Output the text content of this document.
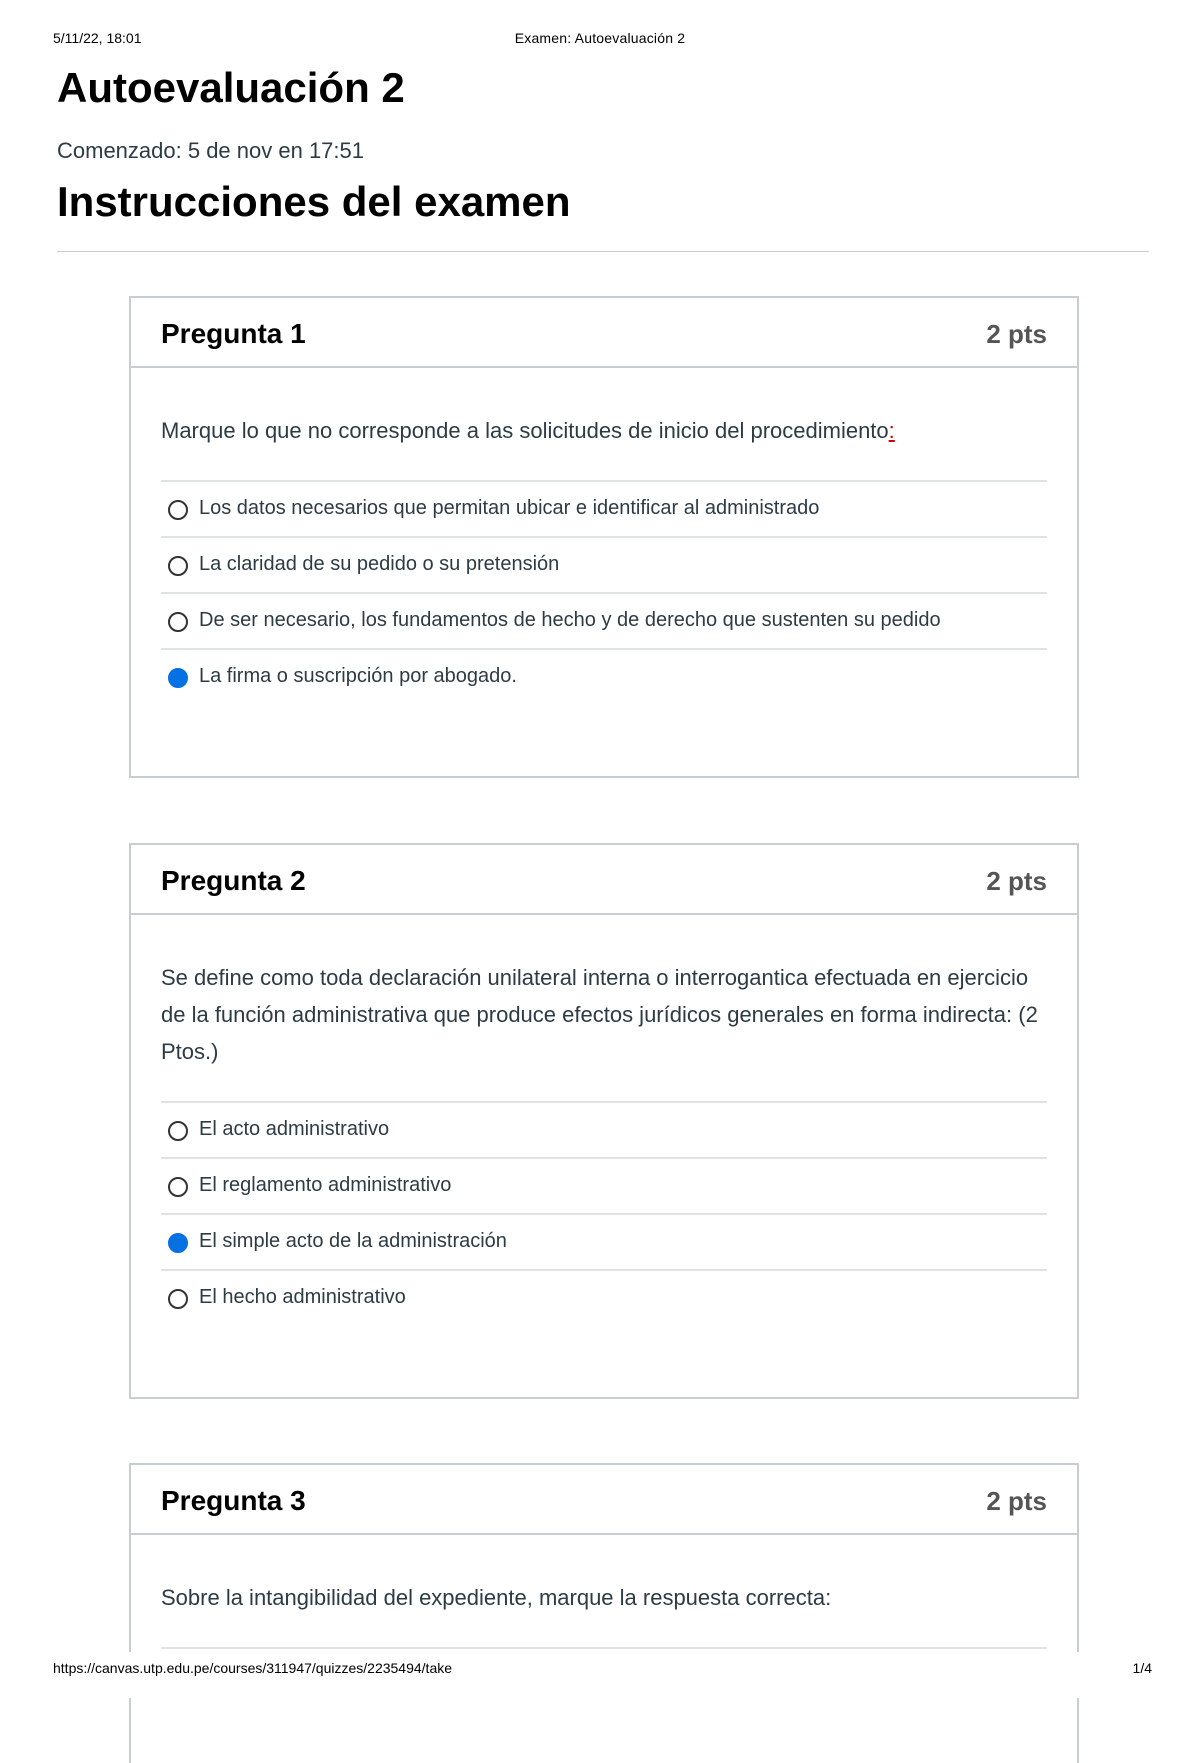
5/11/22, 18:01	Examen: Autoevaluación 2
Autoevaluación 2
Comenzado: 5 de nov en 17:51
Instrucciones del examen
Pregunta 1	2 pts

Marque lo que no corresponde a las solicitudes de inicio del procedimiento:

Los datos necesarios que permitan ubicar e identificar al administrado
La claridad de su pedido o su pretensión
De ser necesario, los fundamentos de hecho y de derecho que sustenten su pedido
La firma o suscripción por abogado.
Pregunta 2	2 pts

Se define como toda declaración unilateral interna o interrogantica efectuada en ejercicio de la función administrativa que produce efectos jurídicos generales en forma indirecta: (2 Ptos.)

El acto administrativo
El reglamento administrativo
El simple acto de la administración
El hecho administrativo
Pregunta 3	2 pts

Sobre la intangibilidad del expediente, marque la respuesta correcta:

https://canvas.utp.edu.pe/courses/311947/quizzes/2235494/take	1/4
